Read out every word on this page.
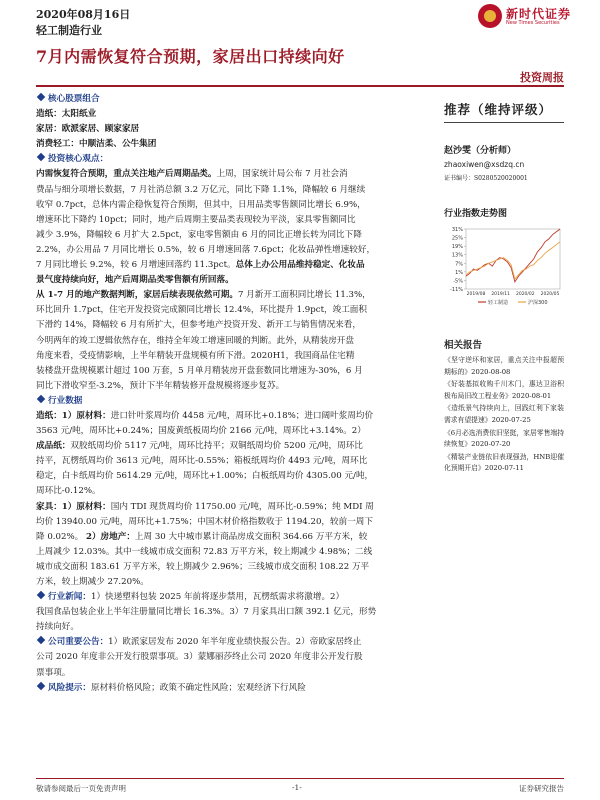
2020年08月16日
轻工制造行业
新时代证券
New Times Securities
7月内需恢复符合预期，家居出口持续向好
投资周报
核心股票组合
造纸：太阳纸业
家居：欧派家居、顾家家居
消费轻工：中顺洁柔、公牛集团
投资核心观点：
内需恢复符合预期，重点关注地产后周期品类。上周，国家统计局公布 7 月社会消
费品与细分项增长数据，7 月社消总额 3.2 万亿元，同比下降 1.1%，降幅较 6 月继续
收窄 0.7pct，总体内需企稳恢复符合预期，但其中，日用品类零售额同比增长 6.9%，
增速环比下降约 10pct；同时，地产后周期主要品类表现较为平淡，家具零售额同比
减少 3.9%，降幅较 6 月扩大 2.5pct，家电零售额由 6 月的同比正增长转为同比下降
2.2%，办公用品 7 月同比增长 0.5%，较 6 月增速回落 7.6pct；化妆品弹性增速较好，
7 月同比增长 9.2%，较 6 月增速回落约 11.3pct。总体上办公用品维持稳定、化妆品
景气度持续向好，地产后周期品类零售额有所回落。
从 1-7 月的地产数据判断，家居后续表现依然可期。7 月新开工面积同比增长 11.3%，
环比回升 1.7pct，住宅开发投资完成额同比增长 12.4%，环比提升 1.9pct，竣工面积
下滑约 14%，降幅较 6 月有所扩大，但参考地产投资开发、新开工与销售情况来看，
今明两年的竣工逻辑依然存在，维持全年竣工增速回暖的判断。此外，从精装房开盘
角度来看，受疫情影响，上半年精装开盘规模有所下滑。2020H1，我国商品住宅精
装楼盘开盘规模累计超过 100 万套，5 月单月精装房开盘套数同比增速为-30%，6 月
同比下滑收窄至-3.2%，预计下半年精装修开盘规模将逐步复苏。
行业数据
造纸：1）原材料：进口针叶浆周均价 4458 元/吨，周环比+0.18%；进口阔叶浆周均价
3563 元/吨，周环比+0.24%；国废黄纸板周均价 2166 元/吨，周环比+3.14%。2）
成品纸：双胶纸周均价 5117 元/吨，周环比持平；双铜纸周均价 5200 元/吨，周环比
持平，瓦楞纸周均价 3613 元/吨，周环比-0.55%；箱板纸周均价 4493 元/吨，周环比
稳定，白卡纸周均价 5614.29 元/吨，周环比+1.00%；白板纸周均价 4305.00 元/吨，
周环比-0.12%。
家具：1）原材料：国内 TDI 现货周均价 11750.00 元/吨，周环比-0.59%；纯 MDI 周
均价 13940.00 元/吨，周环比+1.75%；中国木材价格指数收于 1194.20，较前一周下
降 0.02%。 2）房地产：上周 30 大中城市累计商品房成交面积 364.66 万平方米，较
上周减少 12.03%。其中一线城市成交面积 72.83 万平方米，较上期减少 4.98%；二线
城市成交面积 183.61 万平方米，较上期减少 2.96%；三线城市成交面积 108.22 万平
方米，较上期减少 27.20%。
行业新闻：1）快递塑料包装 2025 年前将逐步禁用，瓦楞纸需求将激增。2）
我国食品包装企业上半年注册量同比增长 16.3%。3）7 月家具出口额 392.1 亿元，形势
持续向好。
公司重要公告：1）欧派家居发布 2020 年半年度业绩快报公告。2）帝欧家居终止
公司 2020 年度非公开发行股票事项。3）蒙娜丽莎终止公司 2020 年度非公开发行股
票事项。
风险提示：原材料价格风险；政策不确定性风险；宏观经济下行风险
推荐（维持评级）
赵沙雯（分析师）
zhaoxiwen@xsdzq.cn
证书编号：S0280520020001
行业指数走势图
31%
25%
19%
13%
7%
1%
-5%
-11%
2019/08 2019/11 2020/02 2020/05
轻工制造	沪深300
相关报告
《坚守逆坏和家居，重点关注中报超预期标的》2020-08-08
《好装基拟收购千川木门，惠达卫浴积极布局旧改工程业务》2020-08-01
《造纸景气持续向上，回践红利下家装需求有望提速》2020-07-25
《6月必选消费依旧坚挺，家居零售端持续恢复》2020-07-20
《精装产业链依旧表现强劲，HNB迎催化预期开启》2020-07-11
敬请参阅最后一页免责声明	-1-	证券研究报告
